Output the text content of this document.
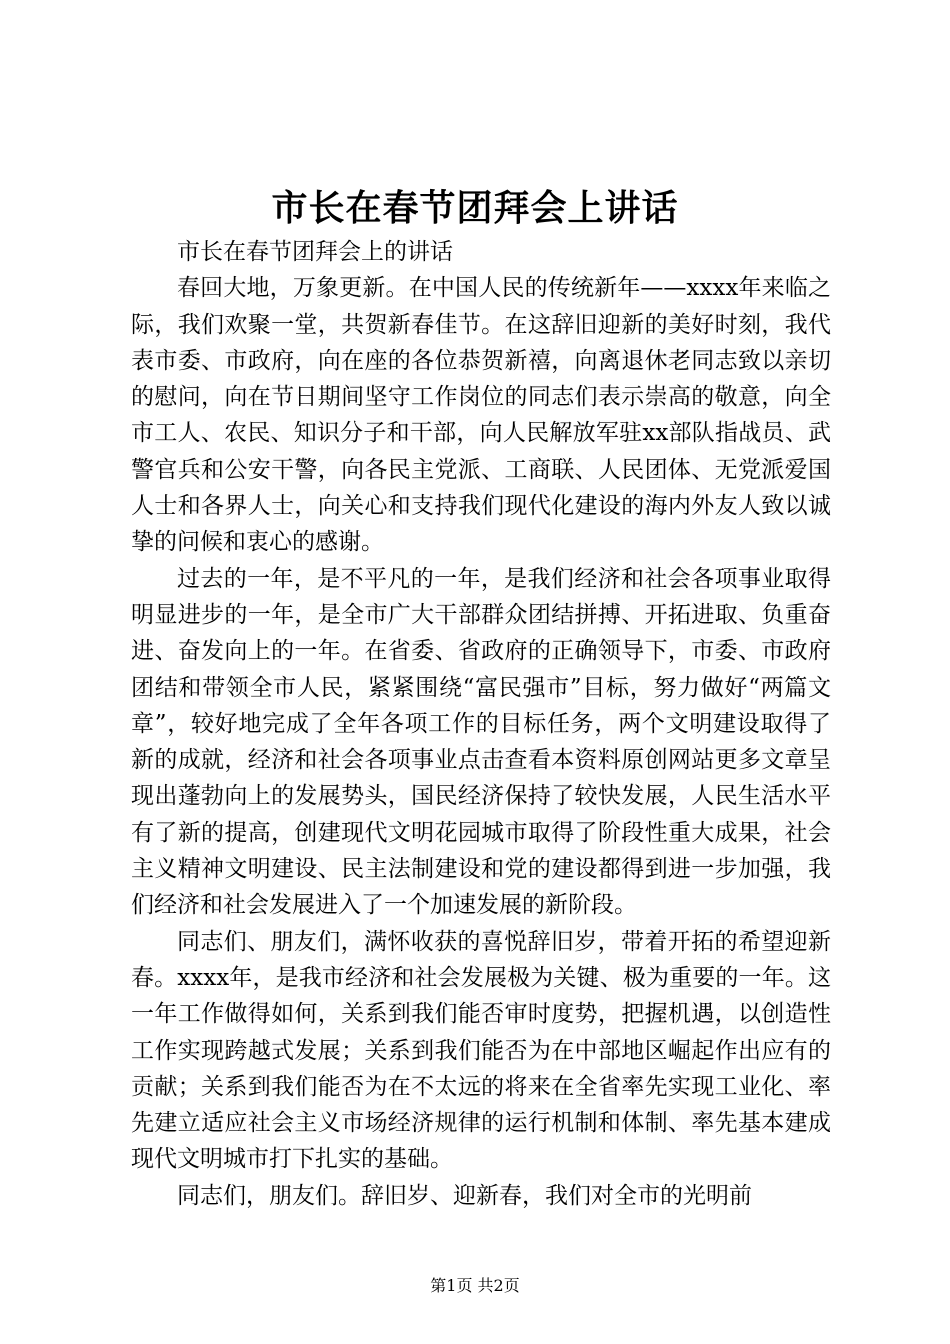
市长在春节团拜会上讲话

市长在春节团拜会上的讲话

春回大地，万象更新。在中国人民的传统新年——xxxx年来临之际，我们欢聚一堂，共贺新春佳节。在这辞旧迎新的美好时刻，我代表市委、市政府，向在座的各位恭贺新禧，向离退休老同志致以亲切的慰问，向在节日期间坚守工作岗位的同志们表示崇高的敬意，向全市工人、农民、知识分子和干部，向人民解放军驻xx部队指战员、武警官兵和公安干警，向各民主党派、工商联、人民团体、无党派爱国人士和各界人士，向关心和支持我们现代化建设的海内外友人致以诚挚的问候和衷心的感谢。

过去的一年，是不平凡的一年，是我们经济和社会各项事业取得明显进步的一年，是全市广大干部群众团结拼搏、开拓进取、负重奋进、奋发向上的一年。在省委、省政府的正确领导下，市委、市政府团结和带领全市人民，紧紧围绕“富民强市”目标，努力做好“两篇文章”，较好地完成了全年各项工作的目标任务，两个文明建设取得了新的成就，经济和社会各项事业点击查看本资料原创网站更多文章呈现出蓬勃向上的发展势头，国民经济保持了较快发展，人民生活水平有了新的提高，创建现代文明花园城市取得了阶段性重大成果，社会主义精神文明建设、民主法制建设和党的建设都得到进一步加强，我们经济和社会发展进入了一个加速发展的新阶段。

同志们、朋友们，满怀收获的喜悦辞旧岁，带着开拓的希望迎新春。xxxx年，是我市经济和社会发展极为关键、极为重要的一年。这一年工作做得如何，关系到我们能否审时度势，把握机遇，以创造性工作实现跨越式发展；关系到我们能否为在中部地区崛起作出应有的贡献；关系到我们能否为在不太远的将来在全省率先实现工业化、率先建立适应社会主义市场经济规律的运行机制和体制、率先基本建成现代文明城市打下扎实的基础。

同志们，朋友们。辞旧岁、迎新春，我们对全市的光明前

第1页 共2页
